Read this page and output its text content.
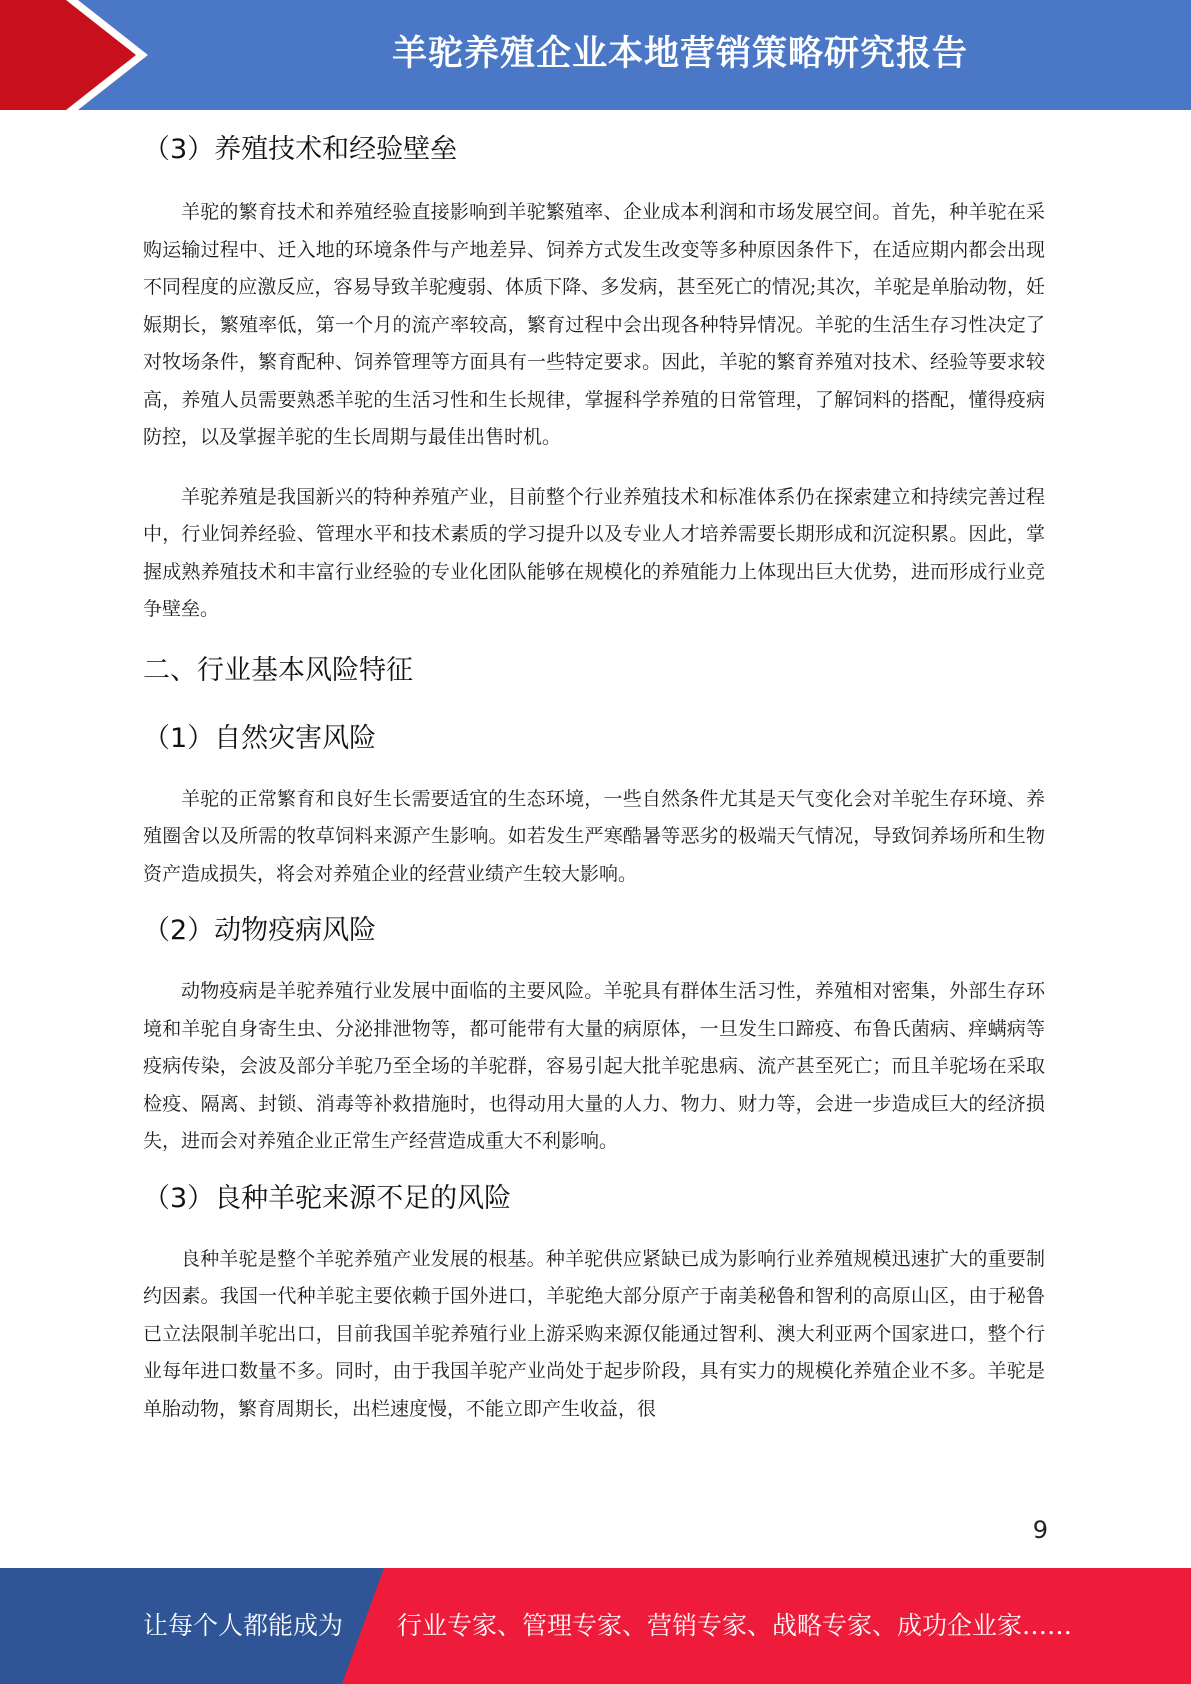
羊驼养殖企业本地营销策略研究报告
（3）养殖技术和经验壁垒

羊驼的繁育技术和养殖经验直接影响到羊驼繁殖率、企业成本利润和市场发展空间。首先，种羊驼在采购运输过程中、迁入地的环境条件与产地差异、饲养方式发生改变等多种原因条件下，在适应期内都会出现不同程度的应激反应，容易导致羊驼瘦弱、体质下降、多发病，甚至死亡的情况;其次，羊驼是单胎动物，妊娠期长，繁殖率低，第一个月的流产率较高，繁育过程中会出现各种特异情况。羊驼的生活生存习性决定了对牧场条件，繁育配种、饲养管理等方面具有一些特定要求。因此，羊驼的繁育养殖对技术、经验等要求较高，养殖人员需要熟悉羊驼的生活习性和生长规律，掌握科学养殖的日常管理，了解饲料的搭配，懂得疫病防控，以及掌握羊驼的生长周期与最佳出售时机。

羊驼养殖是我国新兴的特种养殖产业，目前整个行业养殖技术和标准体系仍在探索建立和持续完善过程中，行业饲养经验、管理水平和技术素质的学习提升以及专业人才培养需要长期形成和沉淀积累。因此，掌握成熟养殖技术和丰富行业经验的专业化团队能够在规模化的养殖能力上体现出巨大优势，进而形成行业竞争壁垒。

二、行业基本风险特征
（1）自然灾害风险

羊驼的正常繁育和良好生长需要适宜的生态环境，一些自然条件尤其是天气变化会对羊驼生存环境、养殖圈舍以及所需的牧草饲料来源产生影响。如若发生严寒酷暑等恶劣的极端天气情况，导致饲养场所和生物资产造成损失，将会对养殖企业的经营业绩产生较大影响。

（2）动物疫病风险

动物疫病是羊驼养殖行业发展中面临的主要风险。羊驼具有群体生活习性，养殖相对密集，外部生存环境和羊驼自身寄生虫、分泌排泄物等，都可能带有大量的病原体，一旦发生口蹄疫、布鲁氏菌病、痒螨病等疫病传染，会波及部分羊驼乃至全场的羊驼群，容易引起大批羊驼患病、流产甚至死亡；而且羊驼场在采取检疫、隔离、封锁、消毒等补救措施时，也得动用大量的人力、物力、财力等，会进一步造成巨大的经济损失，进而会对养殖企业正常生产经营造成重大不利影响。

（3）良种羊驼来源不足的风险

良种羊驼是整个羊驼养殖产业发展的根基。种羊驼供应紧缺已成为影响行业养殖规模迅速扩大的重要制约因素。我国一代种羊驼主要依赖于国外进口，羊驼绝大部分原产于南美秘鲁和智利的高原山区，由于秘鲁已立法限制羊驼出口，目前我国羊驼养殖行业上游采购来源仅能通过智利、澳大利亚两个国家进口，整个行业每年进口数量不多。同时，由于我国羊驼产业尚处于起步阶段，具有实力的规模化养殖企业不多。羊驼是单胎动物，繁育周期长，出栏速度慢，不能立即产生收益，很

9
让每个人都能成为 行业专家、管理专家、营销专家、战略专家、成功企业家……
